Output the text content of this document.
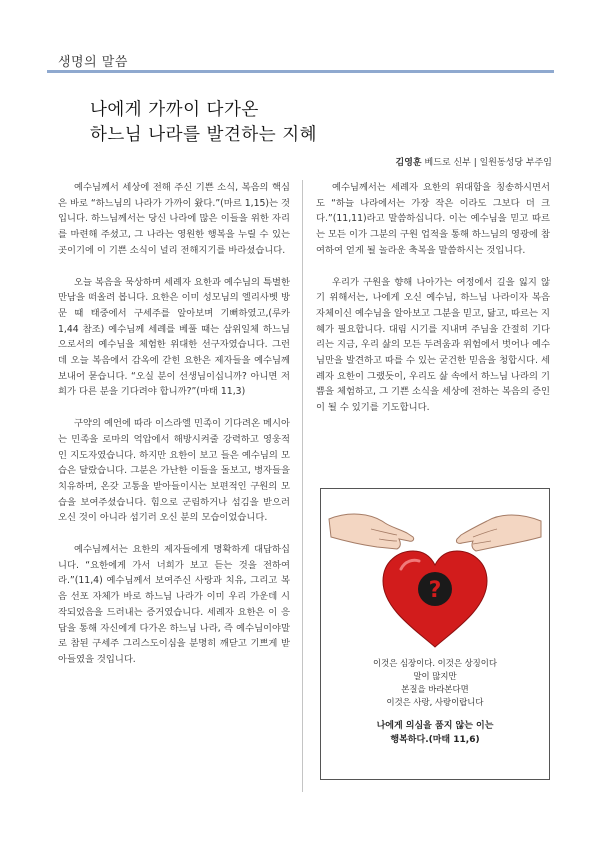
생명의 말씀
나에게 가까이 다가온
하느님 나라를 발견하는 지혜
김영훈 베드로 신부 | 일원동성당 부주임

예수님께서 세상에 전해 주신 기쁜 소식, 복음의 핵심은 바로 “하느님의 나라가 가까이 왔다.”(마르 1,15)는 것입니다. 하느님께서는 당신 나라에 많은 이들을 위한 자리를 마련해 주셨고, 그 나라는 영원한 행복을 누릴 수 있는 곳이기에 이 기쁜 소식이 널리 전해지기를 바라셨습니다.

오늘 복음을 묵상하며 세례자 요한과 예수님의 특별한 만남을 떠올려 봅니다. 요한은 이미 성모님의 엘리사벳 방문 때 태중에서 구세주를 알아보며 기뻐하였고,(루카 1,44 참조) 예수님께 세례를 베풀 때는 삼위일체 하느님으로서의 예수님을 체험한 위대한 선구자였습니다. 그런데 오늘 복음에서 감옥에 갇힌 요한은 제자들을 예수님께 보내어 묻습니다. “오실 분이 선생님이십니까? 아니면 저희가 다른 분을 기다려야 합니까?”(마태 11,3)

구약의 예언에 따라 이스라엘 민족이 기다려온 메시아는 민족을 로마의 억압에서 해방시켜줄 강력하고 영웅적인 지도자였습니다. 하지만 요한이 보고 들은 예수님의 모습은 달랐습니다. 그분은 가난한 이들을 돌보고, 병자들을 치유하며, 온갖 고통을 받아들이시는 보편적인 구원의 모습을 보여주셨습니다. 힘으로 군림하거나 섬김을 받으러 오신 것이 아니라 섬기러 오신 분의 모습이었습니다.

예수님께서는 요한의 제자들에게 명확하게 대답하십니다. “요한에게 가서 너희가 보고 듣는 것을 전하여라.”(11,4) 예수님께서 보여주신 사랑과 치유, 그리고 복음 선포 자체가 바로 하느님 나라가 이미 우리 가운데 시작되었음을 드러내는 증거였습니다. 세례자 요한은 이 응답을 통해 자신에게 다가온 하느님 나라, 즉 예수님이야말로 참된 구세주 그리스도이심을 분명히 깨닫고 기쁘게 받아들였을 것입니다.

예수님께서는 세례자 요한의 위대함을 칭송하시면서도 “하늘 나라에서는 가장 작은 이라도 그보다 더 크다.”(11,11)라고 말씀하십니다. 이는 예수님을 믿고 따르는 모든 이가 그분의 구원 업적을 통해 하느님의 영광에 참여하여 얻게 될 놀라운 축복을 말씀하시는 것입니다.

우리가 구원을 향해 나아가는 여정에서 길을 잃지 않기 위해서는, 나에게 오신 예수님, 하느님 나라이자 복음 자체이신 예수님을 알아보고 그분을 믿고, 닮고, 따르는 지혜가 필요합니다. 대림 시기를 지내며 주님을 간절히 기다리는 지금, 우리 삶의 모든 두려움과 위험에서 벗어나 예수님만을 발견하고 따를 수 있는 굳건한 믿음을 청합시다. 세례자 요한이 그랬듯이, 우리도 삶 속에서 하느님 나라의 기쁨을 체험하고, 그 기쁜 소식을 세상에 전하는 복음의 증인이 될 수 있기를 기도합니다.

?
이것은 심장이다. 이것은 상징이다
말이 많지만
본질을 바라본다면
이것은 사랑, 사랑이랍니다
나에게 의심을 품지 않는 이는
행복하다.(마태 11,6)
